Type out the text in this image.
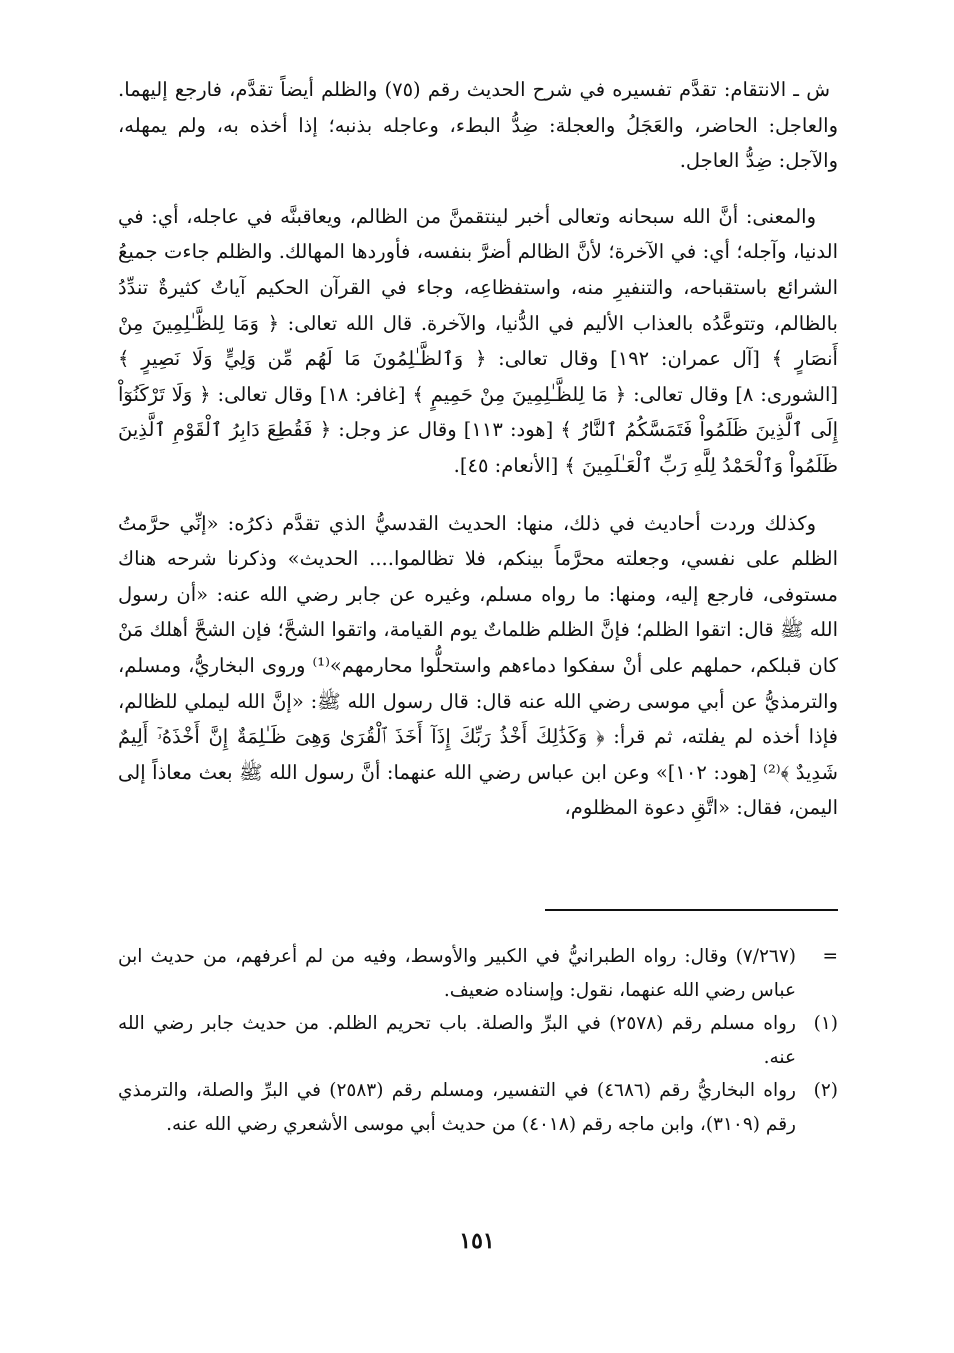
ش ـ الانتقام: تقدَّم تفسيره في شرح الحديث رقم (٧٥) والظلم أيضاً تقدَّم، فارجع إليهما. والعاجل: الحاضر، والعَجَلُ والعجلة: ضِدُّ البطء، وعاجله بذنبه؛ إذا أخذه به، ولم يمهله، والآجل: ضِدُّ العاجل.

والمعنى: أنَّ الله سبحانه وتعالى أخبر لينتقمنَّ من الظالم، ويعاقبنَّه في عاجله، أي: في الدنيا، وآجله؛ أي: في الآخرة؛ لأنَّ الظالم أضرَّ بنفسه، فأوردها المهالك. والظلم جاءت جميعُ الشرائع باستقباحه، والتنفيرِ منه، واستفظاعِه، وجاء في القرآن الحكيم آياتٌ كثيرةٌ تندِّدُ بالظالم، وتتوعَّدُه بالعذاب الأليم في الدُّنيا، والآخرة. قال الله تعالى: ﴿ وَمَا لِلظَّـٰلِمِينَ مِنْ أَنصَارٍ ﴾ [آل عمران: ١٩٢] وقال تعالى: ﴿ وَٱلظَّـٰلِمُونَ مَا لَهُم مِّن وَلِيٍّ وَلَا نَصِيرٍ ﴾ [الشورى: ٨] وقال تعالى: ﴿ مَا لِلظَّـٰلِمِينَ مِنْ حَمِيمٍ ﴾ [غافر: ١٨] وقال تعالى: ﴿ وَلَا تَرْكَنُوٓاْ إِلَى ٱلَّذِينَ ظَلَمُواْ فَتَمَسَّكُمُ ٱلنَّارُ ﴾ [هود: ١١٣] وقال عز وجل: ﴿ فَقُطِعَ دَابِرُ ٱلْقَوْمِ ٱلَّذِينَ ظَلَمُواْ وَٱلْحَمْدُ لِلَّهِ رَبِّ ٱلْعَـٰلَمِينَ ﴾ [الأنعام: ٤٥].

وكذلك وردت أحاديث في ذلك، منها: الحديث القدسيُّ الذي تقدَّم ذكرُه: «إنِّي حرَّمتُ الظلم على نفسي، وجعلته محرَّماً بينكم، فلا تظالموا.... الحديث» وذكرنا شرحه هناك مستوفى، فارجع إليه، ومنها: ما رواه مسلم، وغيره عن جابر رضي الله عنه: «أن رسول الله ﷺ قال: اتقوا الظلم؛ فإنَّ الظلم ظلماتٌ يوم القيامة، واتقوا الشحَّ؛ فإن الشحَّ أهلك مَنْ كان قبلكم، حملهم على أنْ سفكوا دماءهم واستحلُّوا محارمهم»⁽¹⁾ وروى البخاريُّ، ومسلم، والترمذيُّ عن أبي موسى رضي الله عنه قال: قال رسول الله ﷺ: «إنَّ الله ليملي للظالم، فإذا أخذه لم يفلته، ثم قرأ: ﴿ وَكَذَٰلِكَ أَخْذُ رَبِّكَ إِذَآ أَخَذَ ٱلْقُرَىٰ وَهِىَ ظَـٰلِمَةٌ إِنَّ أَخْذَهُۥٓ أَلِيمٌ شَدِيدٌ ﴾⁽²⁾ [هود: ١٠٢]» وعن ابن عباس رضي الله عنهما: أنَّ رسول الله ﷺ بعث معاذاً إلى اليمن، فقال: «اتَّقِ دعوة المظلوم،

=
(٧/٢٦٧) وقال: رواه الطبرانيُّ في الكبير والأوسط، وفيه من لم أعرفهم، من حديث ابن عباس رضي الله عنهما، نقول: وإسناده ضعيف.
(١)
رواه مسلم رقم (٢٥٧٨) في البرِّ والصلة. باب تحريم الظلم. من حديث جابر رضي الله عنه.
(٢)
رواه البخاريُّ رقم (٤٦٨٦) في التفسير، ومسلم رقم (٢٥٨٣) في البرِّ والصلة، والترمذي رقم (٣١٠٩)، وابن ماجه رقم (٤٠١٨) من حديث أبي موسى الأشعري رضي الله عنه.
١٥١
